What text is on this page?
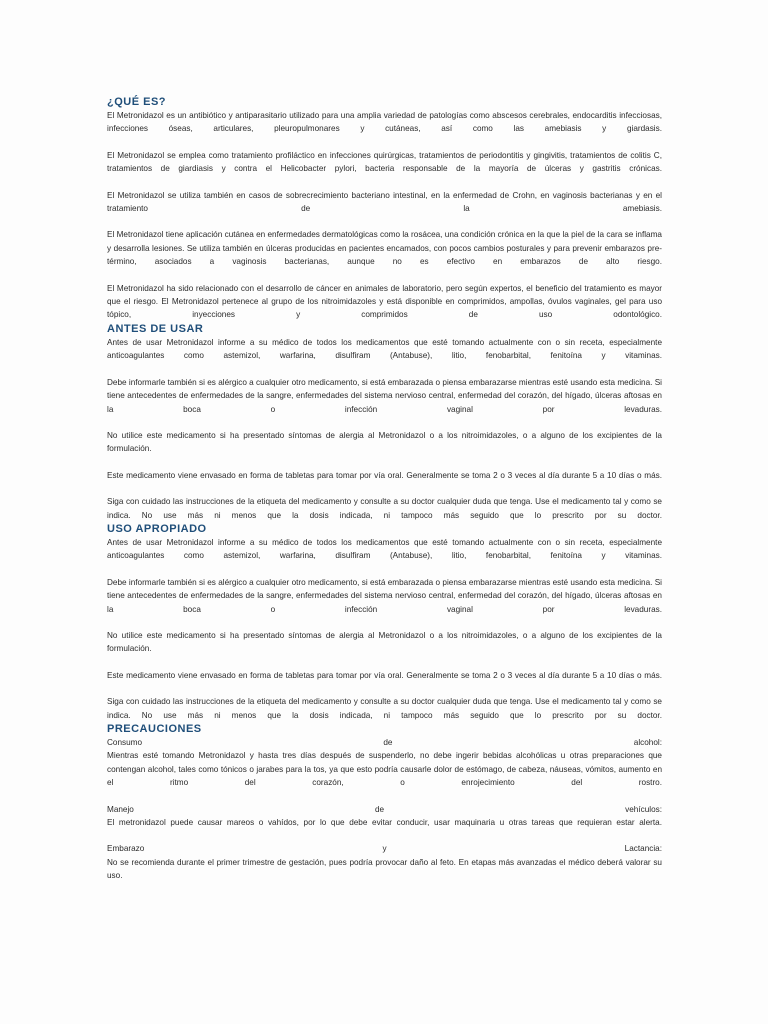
¿QUÉ ES?

El Metronidazol es un antibiótico y antiparasitario utilizado para una amplia variedad de patologías como abscesos cerebrales, endocarditis infecciosas, infecciones óseas, articulares, pleuropulmonares y cutáneas, así como las amebiasis y giardasis.

El Metronidazol se emplea como tratamiento profiláctico en infecciones quirúrgicas, tratamientos de periodontitis y gingivitis, tratamientos de colitis C, tratamientos de giardiasis y contra el Helicobacter pylori, bacteria responsable de la mayoría de úlceras y gastritis crónicas.

El Metronidazol se utiliza también en casos de sobrecrecimiento bacteriano intestinal, en la enfermedad de Crohn, en vaginosis bacterianas y en el tratamiento de la amebiasis.

El Metronidazol tiene aplicación cutánea en enfermedades dermatológicas como la rosácea, una condición crónica en la que la piel de la cara se inflama y desarrolla lesiones. Se utiliza también en úlceras producidas en pacientes encamados, con pocos cambios posturales y para prevenir embarazos pre-término, asociados a vaginosis bacterianas, aunque no es efectivo en embarazos de alto riesgo.

El Metronidazol ha sido relacionado con el desarrollo de cáncer en animales de laboratorio, pero según expertos, el beneficio del tratamiento es mayor que el riesgo. El Metronidazol pertenece al grupo de los nitroimidazoles y está disponible en comprimidos, ampollas, óvulos vaginales, gel para uso tópico, inyecciones y comprimidos de uso odontológico.

ANTES DE USAR

Antes de usar Metronidazol informe a su médico de todos los medicamentos que esté tomando actualmente con o sin receta, especialmente anticoagulantes como astemizol, warfarina, disulfiram (Antabuse), litio, fenobarbital, fenitoína y vitaminas.

Debe informarle también si es alérgico a cualquier otro medicamento, si está embarazada o piensa embarazarse mientras esté usando esta medicina. Si tiene antecedentes de enfermedades de la sangre, enfermedades del sistema nervioso central, enfermedad del corazón, del hígado, úlceras aftosas en la boca o infección vaginal por levaduras.

No utilice este medicamento si ha presentado síntomas de alergia al Metronidazol o a los nitroimidazoles, o a alguno de los excipientes de la formulación.

Este medicamento viene envasado en forma de tabletas para tomar por vía oral. Generalmente se toma 2 o 3 veces al día durante 5 a 10 días o más.

Siga con cuidado las instrucciones de la etiqueta del medicamento y consulte a su doctor cualquier duda que tenga. Use el medicamento tal y como se indica. No use más ni menos que la dosis indicada, ni tampoco más seguido que lo prescrito por su doctor.

USO APROPIADO

Antes de usar Metronidazol informe a su médico de todos los medicamentos que esté tomando actualmente con o sin receta, especialmente anticoagulantes como astemizol, warfarina, disulfiram (Antabuse), litio, fenobarbital, fenitoína y vitaminas.

Debe informarle también si es alérgico a cualquier otro medicamento, si está embarazada o piensa embarazarse mientras esté usando esta medicina. Si tiene antecedentes de enfermedades de la sangre, enfermedades del sistema nervioso central, enfermedad del corazón, del hígado, úlceras aftosas en la boca o infección vaginal por levaduras.

No utilice este medicamento si ha presentado síntomas de alergia al Metronidazol o a los nitroimidazoles, o a alguno de los excipientes de la formulación.

Este medicamento viene envasado en forma de tabletas para tomar por vía oral. Generalmente se toma 2 o 3 veces al día durante 5 a 10 días o más.

Siga con cuidado las instrucciones de la etiqueta del medicamento y consulte a su doctor cualquier duda que tenga. Use el medicamento tal y como se indica. No use más ni menos que la dosis indicada, ni tampoco más seguido que lo prescrito por su doctor.

PRECAUCIONES

Consumo de alcohol:

Mientras esté tomando Metronidazol y hasta tres días después de suspenderlo, no debe ingerir bebidas alcohólicas u otras preparaciones que contengan alcohol, tales como tónicos o jarabes para la tos, ya que esto podría causarle dolor de estómago, de cabeza, náuseas, vómitos, aumento en el ritmo del corazón, o enrojecimiento del rostro.

Manejo de vehículos:

El metronidazol puede causar mareos o vahídos, por lo que debe evitar conducir, usar maquinaria u otras tareas que requieran estar alerta.

Embarazo y Lactancia:

No se recomienda durante el primer trimestre de gestación, pues podría provocar daño al feto. En etapas más avanzadas el médico deberá valorar su uso.
